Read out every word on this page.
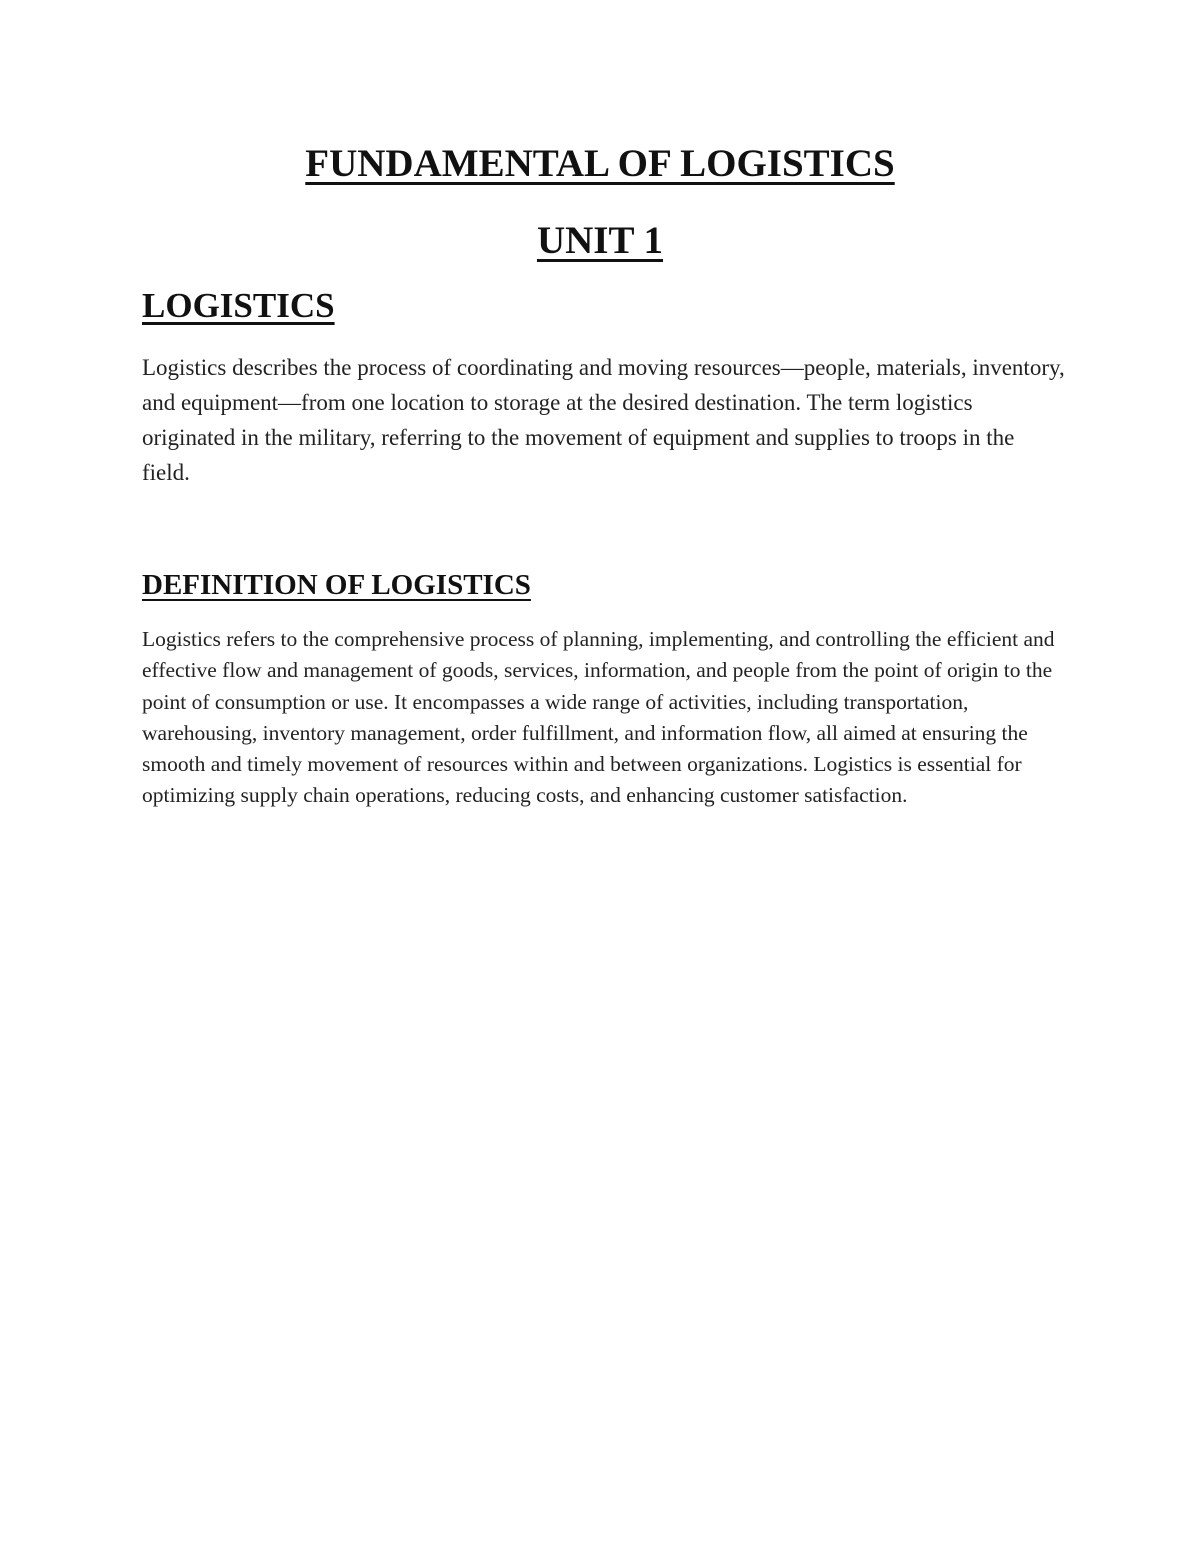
FUNDAMENTAL OF LOGISTICS
UNIT 1
LOGISTICS

Logistics describes the process of coordinating and moving resources—people, materials, inventory, and equipment—from one location to storage at the desired destination. The term logistics originated in the military, referring to the movement of equipment and supplies to troops in the field.

DEFINITION OF LOGISTICS

Logistics refers to the comprehensive process of planning, implementing, and controlling the efficient and effective flow and management of goods, services, information, and people from the point of origin to the point of consumption or use. It encompasses a wide range of activities, including transportation, warehousing, inventory management, order fulfillment, and information flow, all aimed at ensuring the smooth and timely movement of resources within and between organizations. Logistics is essential for optimizing supply chain operations, reducing costs, and enhancing customer satisfaction.
